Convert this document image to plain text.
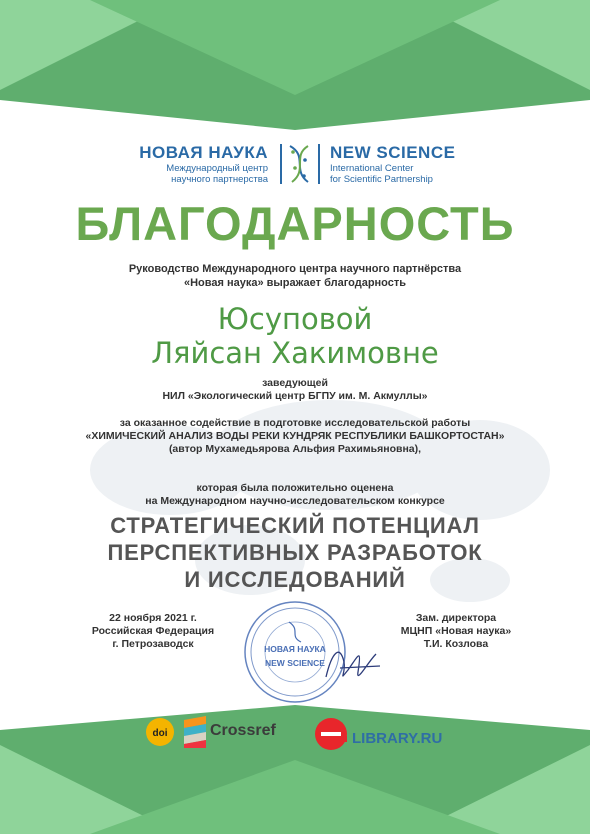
НОВАЯ НАУКА
Международный центр
научного партнерства
NEW SCIENCE
International Center
for Scientific Partnership
БЛАГОДАРНОСТЬ
Руководство Международного центра научного партнёрства
«Новая наука» выражает благодарность
Юсуповой
Ляйсан Хакимовне
заведующей
НИЛ «Экологический центр БГПУ им. М. Акмуллы»
за оказанное содействие в подготовке исследовательской работы
«ХИМИЧЕСКИЙ АНАЛИЗ ВОДЫ РЕКИ КУНДРЯК РЕСПУБЛИКИ БАШКОРТОСТАН»
(автор Мухамедьярова Альфия Рахимьяновна),
которая была положительно оценена
на Международном научно-исследовательском конкурсе
СТРАТЕГИЧЕСКИЙ ПОТЕНЦИАЛ
ПЕРСПЕКТИВНЫХ РАЗРАБОТОК
И ИССЛЕДОВАНИЙ
22 ноября 2021 г.
Российская Федерация
г. Петрозаводск	НОВАЯ НАУКА
NEW SCIENCE
Зам. директора
МЦНП «Новая наука»
Т.И. Козлова
doi	Crossref	LIBRARY.RU
